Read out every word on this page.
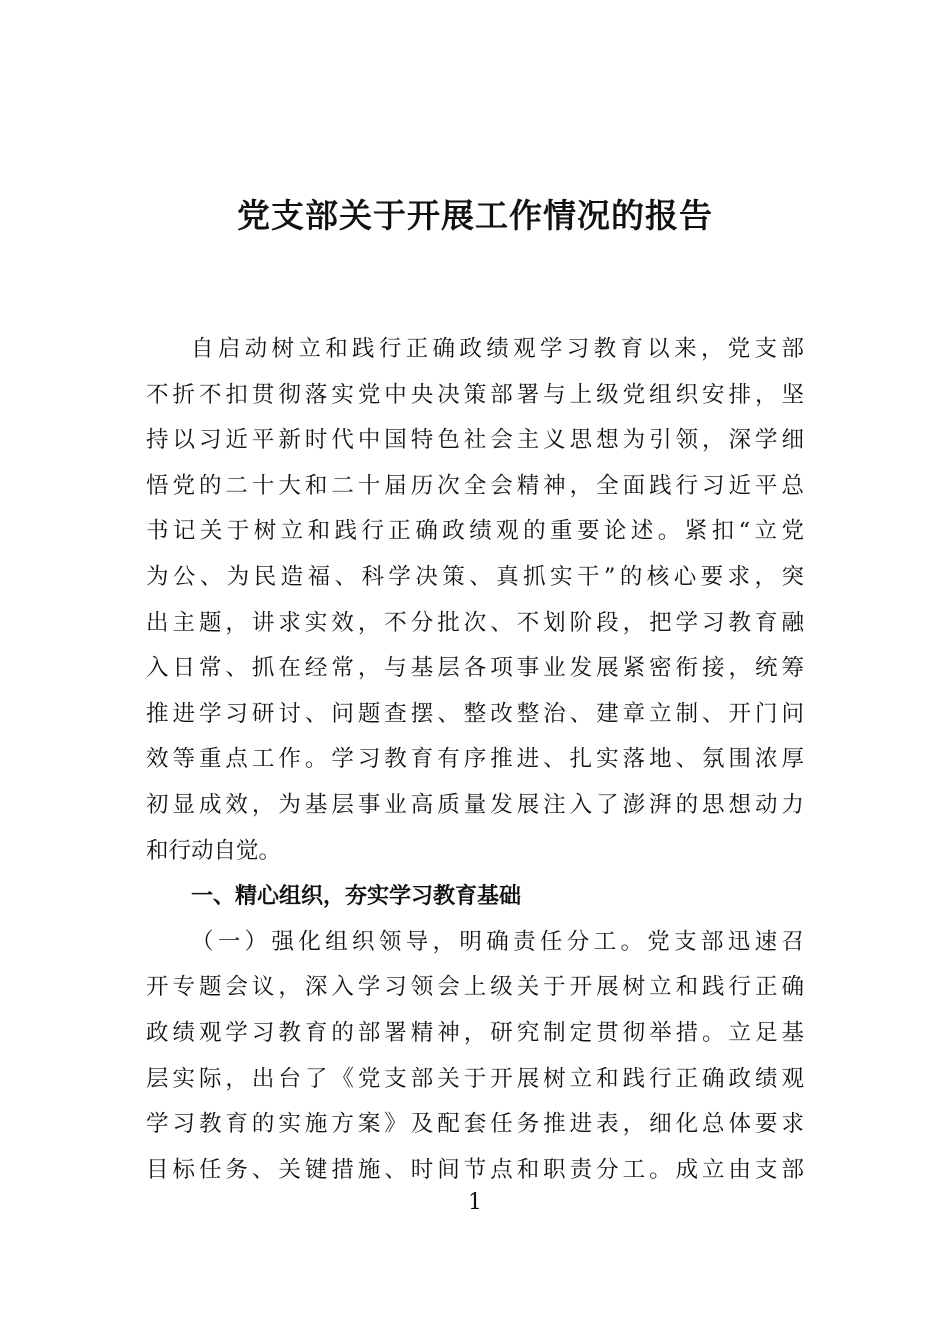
党支部关于开展工作情况的报告
自启动树立和践行正确政绩观学习教育以来，党支部
不折不扣贯彻落实党中央决策部署与上级党组织安排，坚
持以习近平新时代中国特色社会主义思想为引领，深学细
悟党的二十大和二十届历次全会精神，全面践行习近平总
书记关于树立和践行正确政绩观的重要论述。紧扣“立党
为公、为民造福、科学决策、真抓实干”的核心要求，突
出主题，讲求实效，不分批次、不划阶段，把学习教育融
入日常、抓在经常，与基层各项事业发展紧密衔接，统筹
推进学习研讨、问题查摆、整改整治、建章立制、开门问
效等重点工作。学习教育有序推进、扎实落地、氛围浓厚
初显成效，为基层事业高质量发展注入了澎湃的思想动力
和行动自觉。
一、精心组织，夯实学习教育基础
（一）强化组织领导，明确责任分工。党支部迅速召
开专题会议，深入学习领会上级关于开展树立和践行正确
政绩观学习教育的部署精神，研究制定贯彻举措。立足基
层实际，出台了《党支部关于开展树立和践行正确政绩观
学习教育的实施方案》及配套任务推进表，细化总体要求
目标任务、关键措施、时间节点和职责分工。成立由支部
1
